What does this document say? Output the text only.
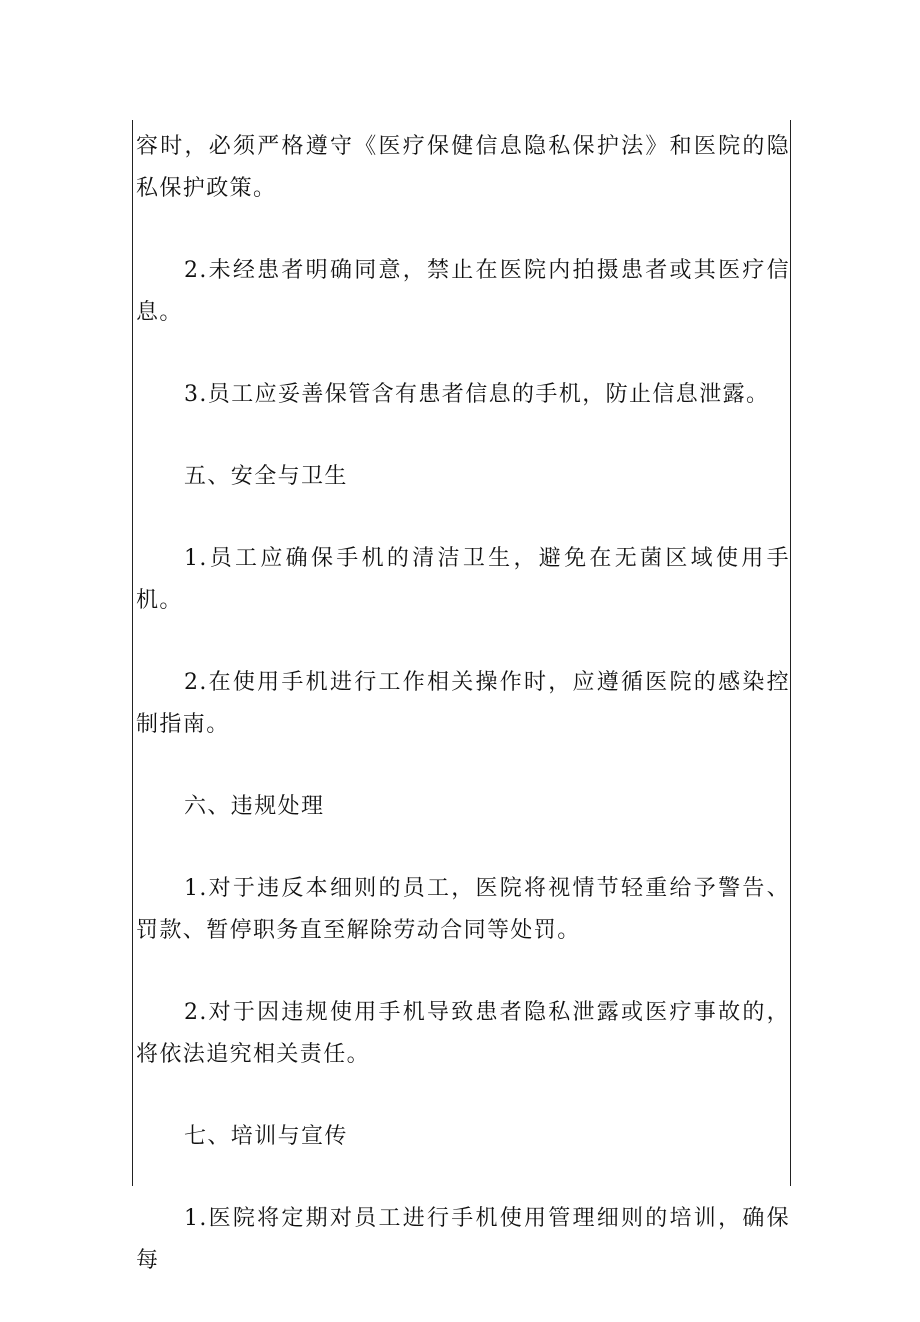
容时，必须严格遵守《医疗保健信息隐私保护法》和医院的隐私保护政策。

2.未经患者明确同意，禁止在医院内拍摄患者或其医疗信息。

3.员工应妥善保管含有患者信息的手机，防止信息泄露。

五、安全与卫生

1.员工应确保手机的清洁卫生，避免在无菌区域使用手机。

2.在使用手机进行工作相关操作时，应遵循医院的感染控制指南。

六、违规处理

1.对于违反本细则的员工，医院将视情节轻重给予警告、罚款、暂停职务直至解除劳动合同等处罚。

2.对于因违规使用手机导致患者隐私泄露或医疗事故的，将依法追究相关责任。

七、培训与宣传

1.医院将定期对员工进行手机使用管理细则的培训，确保每
